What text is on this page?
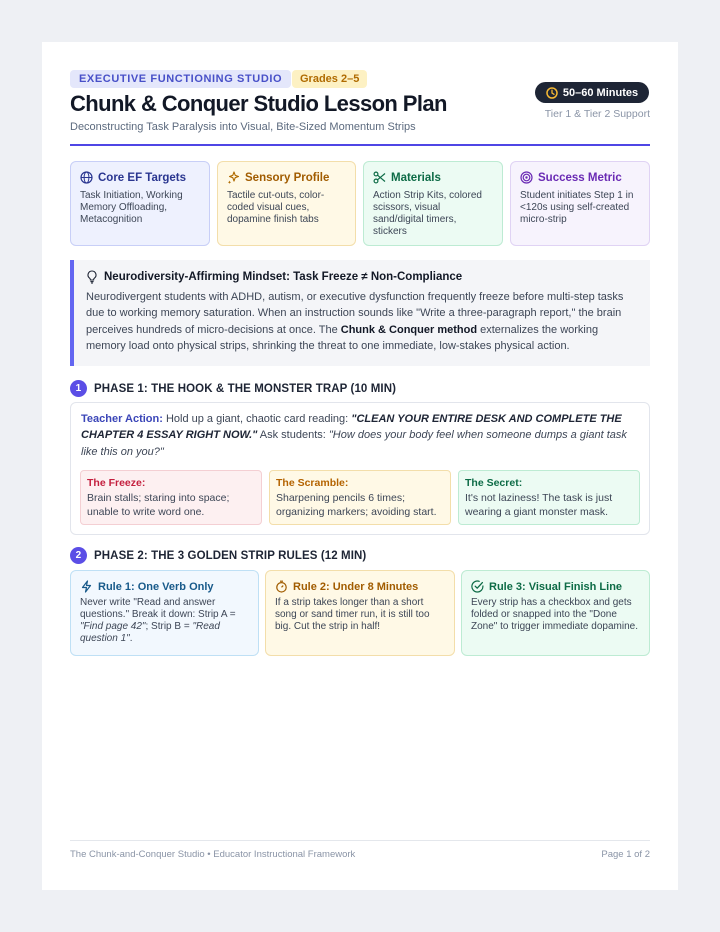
EXECUTIVE FUNCTIONING STUDIO	Grades 2–5
Chunk & Conquer Studio Lesson Plan
Deconstructing Task Paralysis into Visual, Bite-Sized Momentum Strips
50–60 Minutes
Tier 1 & Tier 2 Support
Core EF Targets
Task Initiation, Working Memory Offloading, Metacognition
Sensory Profile
Tactile cut-outs, color-coded visual cues, dopamine finish tabs
Materials
Action Strip Kits, colored scissors, visual sand/digital timers, stickers
Success Metric
Student initiates Step 1 in <120s using self-created micro-strip
Neurodiversity-Affirming Mindset: Task Freeze ≠ Non-Compliance
Neurodivergent students with ADHD, autism, or executive dysfunction frequently freeze before multi-step tasks due to working memory saturation. When an instruction sounds like "Write a three-paragraph report," the brain perceives hundreds of micro-decisions at once. The Chunk & Conquer method externalizes the working memory load onto physical strips, shrinking the threat to one immediate, low-stakes physical action.
1	PHASE 1: THE HOOK & THE MONSTER TRAP (10 MIN)
Teacher Action: Hold up a giant, chaotic card reading: "CLEAN YOUR ENTIRE DESK AND COMPLETE THE CHAPTER 4 ESSAY RIGHT NOW." Ask students: "How does your body feel when someone dumps a giant task like this on you?"
The Freeze:
Brain stalls; staring into space; unable to write word one.
The Scramble:
Sharpening pencils 6 times; organizing markers; avoiding start.
The Secret:
It's not laziness! The task is just wearing a giant monster mask.
2	PHASE 2: THE 3 GOLDEN STRIP RULES (12 MIN)
Rule 1: One Verb Only
Never write "Read and answer questions." Break it down: Strip A = "Find page 42"; Strip B = "Read question 1".
Rule 2: Under 8 Minutes
If a strip takes longer than a short song or sand timer run, it is still too big. Cut the strip in half!
Rule 3: Visual Finish Line
Every strip has a checkbox and gets folded or snapped into the "Done Zone" to trigger immediate dopamine.
The Chunk-and-Conquer Studio • Educator Instructional Framework	Page 1 of 2
